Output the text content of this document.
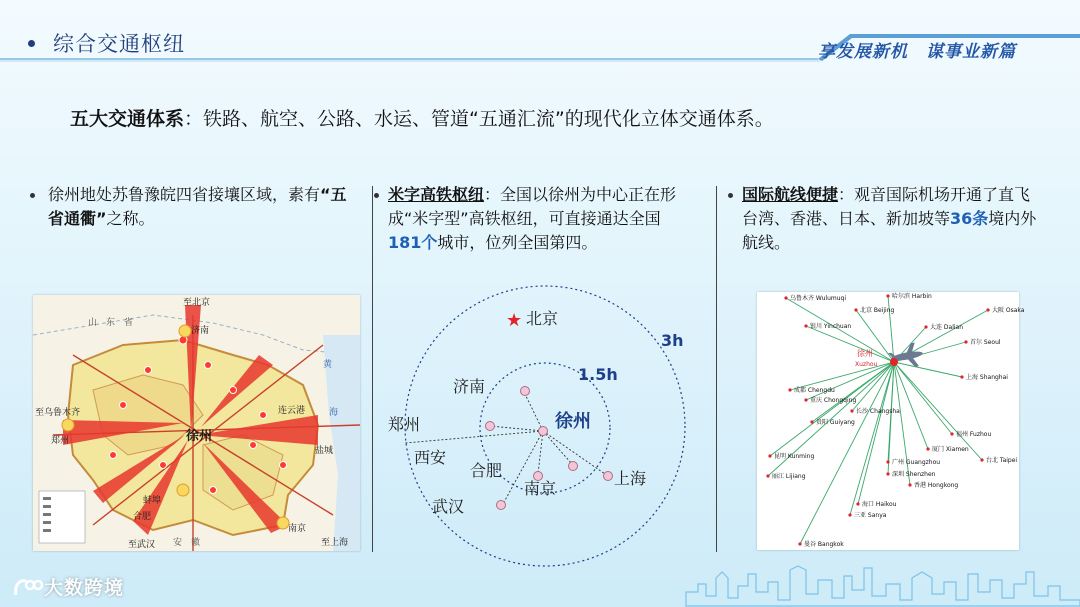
综合交通枢纽	享发展新机　谋事业新篇
五大交通体系：铁路、航空、公路、水运、管道“五通汇流”的现代化立体交通体系。
徐州地处苏鲁豫皖四省接壤区域，素有“五省通衢”之称。
米字高铁枢纽：全国以徐州为中心正在形成“米字型”高铁枢纽，可直接通达全国181个城市，位列全国第四。
国际航线便捷：观音国际机场开通了直飞台湾、香港、日本、新加坡等36条境内外航线。
至北京
济南
山　东　省
至乌鲁木齐
郑州	徐州
连云港
盐城
黄
海
蚌埠
安　徽
合肥
南京
至武汉	至上海
★ 北京
3h
1.5h
徐州
济南
郑州
西安
合肥
南京
上海
武汉
乌鲁木齐 Wulumuqi	哈尔滨 Harbin
北京 Beijing	大阪 Osaka
银川 Yinchuan	大连 Dalian
首尔 Seoul
上海 Shanghai
成都 Chengdu
重庆 Chongqing
长沙 Changsha
贵阳 Guiyang
福州 Fuzhou
厦门 Xiamen
台北 Taipei
昆明 Kunming
广州 Guangzhou
深圳 Shenzhen
香港 Hongkong
丽江 Lijiang
海口 Haikou
三亚 Sanya
曼谷 Bangkok
徐州
Xuzhou
大数跨境
